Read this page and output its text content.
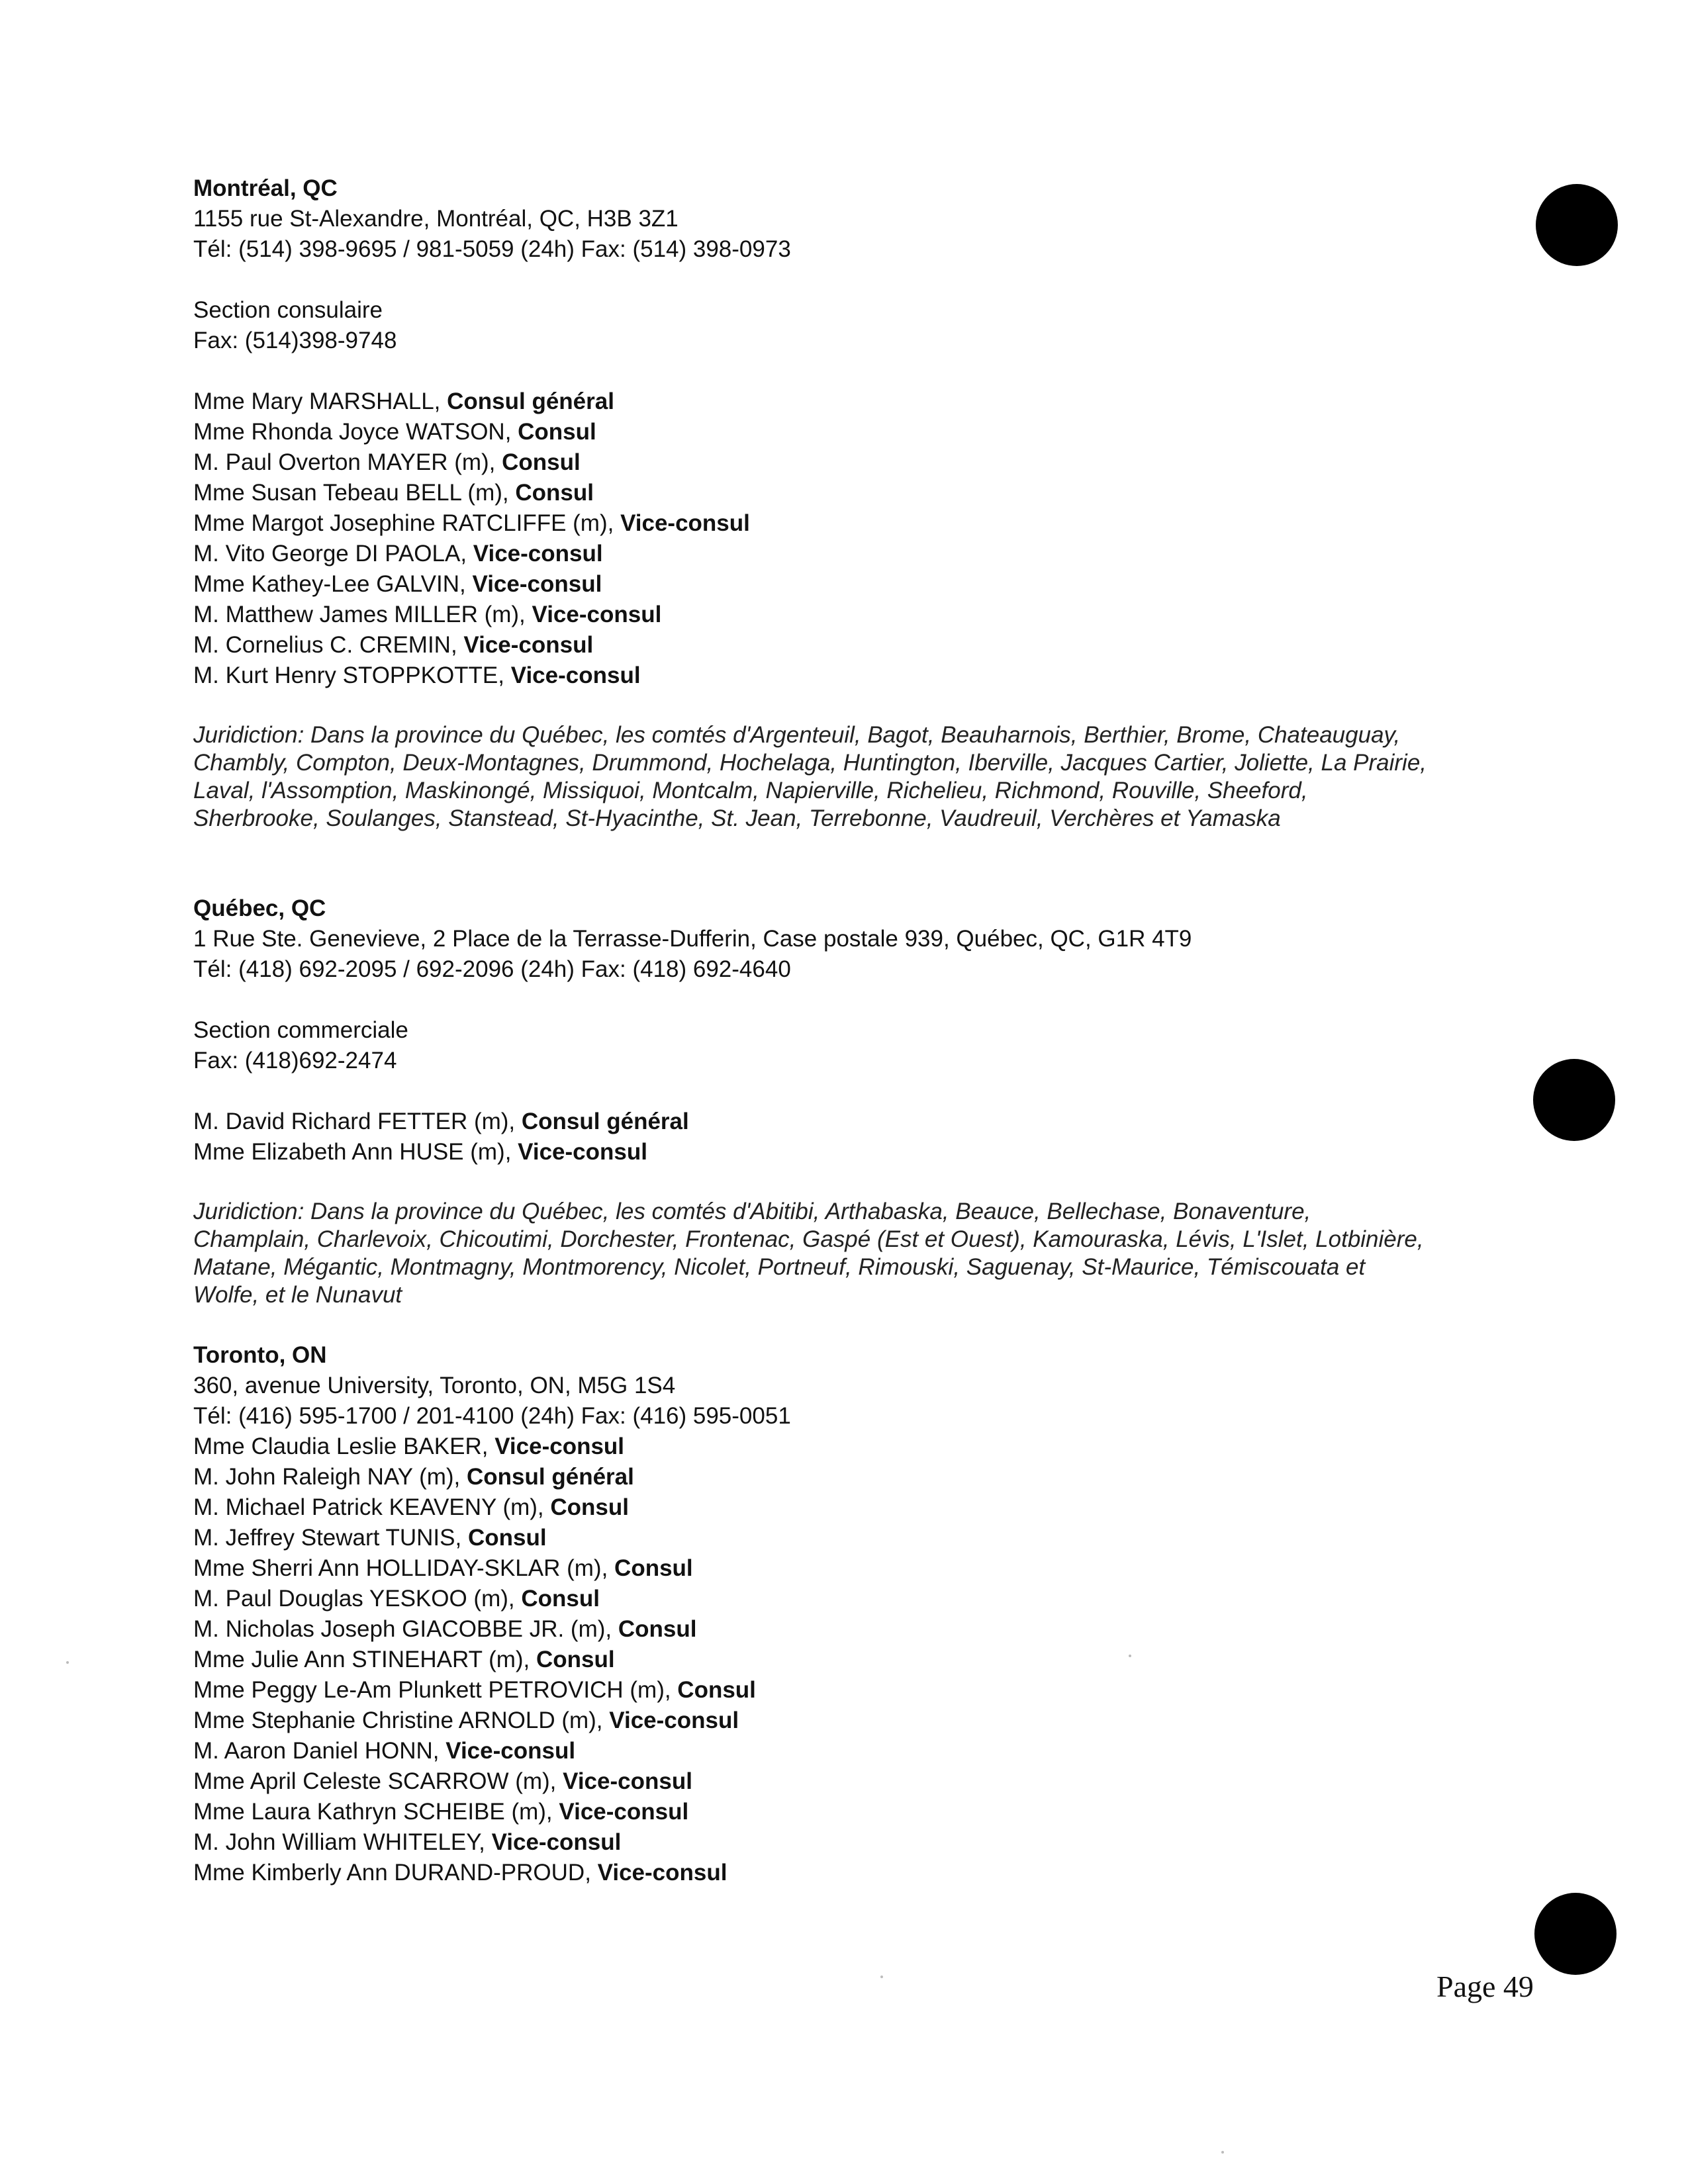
Montréal, QC
1155 rue St-Alexandre, Montréal, QC, H3B 3Z1
Tél: (514) 398-9695 / 981-5059 (24h) Fax: (514) 398-0973
Section consulaire
Fax: (514)398-9748
Mme Mary MARSHALL, Consul général
Mme Rhonda Joyce WATSON, Consul
M. Paul Overton MAYER (m), Consul
Mme Susan Tebeau BELL (m), Consul
Mme Margot Josephine RATCLIFFE (m), Vice-consul
M. Vito George DI PAOLA, Vice-consul
Mme Kathey-Lee GALVIN, Vice-consul
M. Matthew James MILLER (m), Vice-consul
M. Cornelius C. CREMIN, Vice-consul
M. Kurt Henry STOPPKOTTE, Vice-consul
Juridiction: Dans la province du Québec, les comtés d'Argenteuil, Bagot, Beauharnois, Berthier, Brome, Chateauguay,
Chambly, Compton, Deux-Montagnes, Drummond, Hochelaga, Huntington, Iberville, Jacques Cartier, Joliette, La Prairie,
Laval, l'Assomption, Maskinongé, Missiquoi, Montcalm, Napierville, Richelieu, Richmond, Rouville, Sheeford,
Sherbrooke, Soulanges, Stanstead, St-Hyacinthe, St. Jean, Terrebonne, Vaudreuil, Verchères et Yamaska
Québec, QC
1 Rue Ste. Genevieve, 2 Place de la Terrasse-Dufferin, Case postale 939, Québec, QC, G1R 4T9
Tél: (418) 692-2095 / 692-2096 (24h) Fax: (418) 692-4640
Section commerciale
Fax: (418)692-2474
M. David Richard FETTER (m), Consul général
Mme Elizabeth Ann HUSE (m), Vice-consul
Juridiction: Dans la province du Québec, les comtés d'Abitibi, Arthabaska, Beauce, Bellechase, Bonaventure,
Champlain, Charlevoix, Chicoutimi, Dorchester, Frontenac, Gaspé (Est et Ouest), Kamouraska, Lévis, L'Islet, Lotbinière,
Matane, Mégantic, Montmagny, Montmorency, Nicolet, Portneuf, Rimouski, Saguenay, St-Maurice, Témiscouata et
Wolfe, et le Nunavut
Toronto, ON
360, avenue University, Toronto, ON, M5G 1S4
Tél: (416) 595-1700 / 201-4100 (24h) Fax: (416) 595-0051
Mme Claudia Leslie BAKER, Vice-consul
M. John Raleigh NAY (m), Consul général
M. Michael Patrick KEAVENY (m), Consul
M. Jeffrey Stewart TUNIS, Consul
Mme Sherri Ann HOLLIDAY-SKLAR (m), Consul
M. Paul Douglas YESKOO (m), Consul
M. Nicholas Joseph GIACOBBE JR. (m), Consul
Mme Julie Ann STINEHART (m), Consul
Mme Peggy Le-Am Plunkett PETROVICH (m), Consul
Mme Stephanie Christine ARNOLD (m), Vice-consul
M. Aaron Daniel HONN, Vice-consul
Mme April Celeste SCARROW (m), Vice-consul
Mme Laura Kathryn SCHEIBE (m), Vice-consul
M. John William WHITELEY, Vice-consul
Mme Kimberly Ann DURAND-PROUD, Vice-consul
Page 49
